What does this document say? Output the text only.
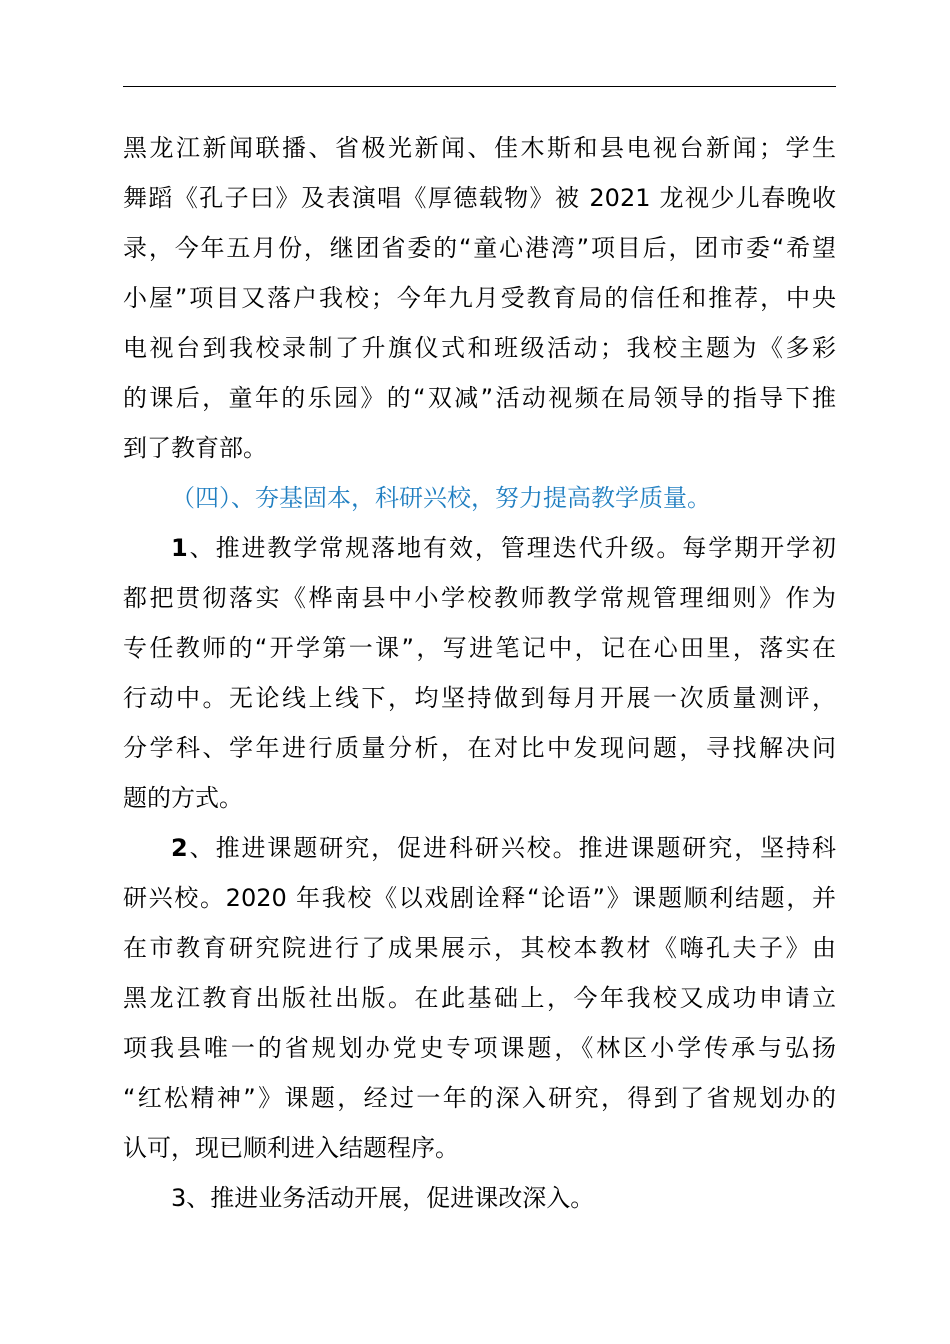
黑龙江新闻联播、省极光新闻、佳木斯和县电视台新闻；学生
舞蹈《孔子曰》及表演唱《厚德载物》被 2021 龙视少儿春晚收
录，今年五月份，继团省委的“童心港湾”项目后，团市委“希望
小屋”项目又落户我校；今年九月受教育局的信任和推荐，中央
电视台到我校录制了升旗仪式和班级活动；我校主题为《多彩
的课后，童年的乐园》的“双减”活动视频在局领导的指导下推
到了教育部。
（四）、夯基固本，科研兴校，努力提高教学质量。
1、推进教学常规落地有效，管理迭代升级。每学期开学初
都把贯彻落实《桦南县中小学校教师教学常规管理细则》作为
专任教师的“开学第一课”，写进笔记中，记在心田里，落实在
行动中。无论线上线下，均坚持做到每月开展一次质量测评，
分学科、学年进行质量分析，在对比中发现问题，寻找解决问
题的方式。
2、推进课题研究，促进科研兴校。推进课题研究，坚持科
研兴校。2020 年我校《以戏剧诠释“论语”》课题顺利结题，并
在市教育研究院进行了成果展示，其校本教材《嗨孔夫子》由
黑龙江教育出版社出版。在此基础上，今年我校又成功申请立
项我县唯一的省规划办党史专项课题，《林区小学传承与弘扬
“红松精神”》课题，经过一年的深入研究，得到了省规划办的
认可，现已顺利进入结题程序。
3、推进业务活动开展，促进课改深入。
